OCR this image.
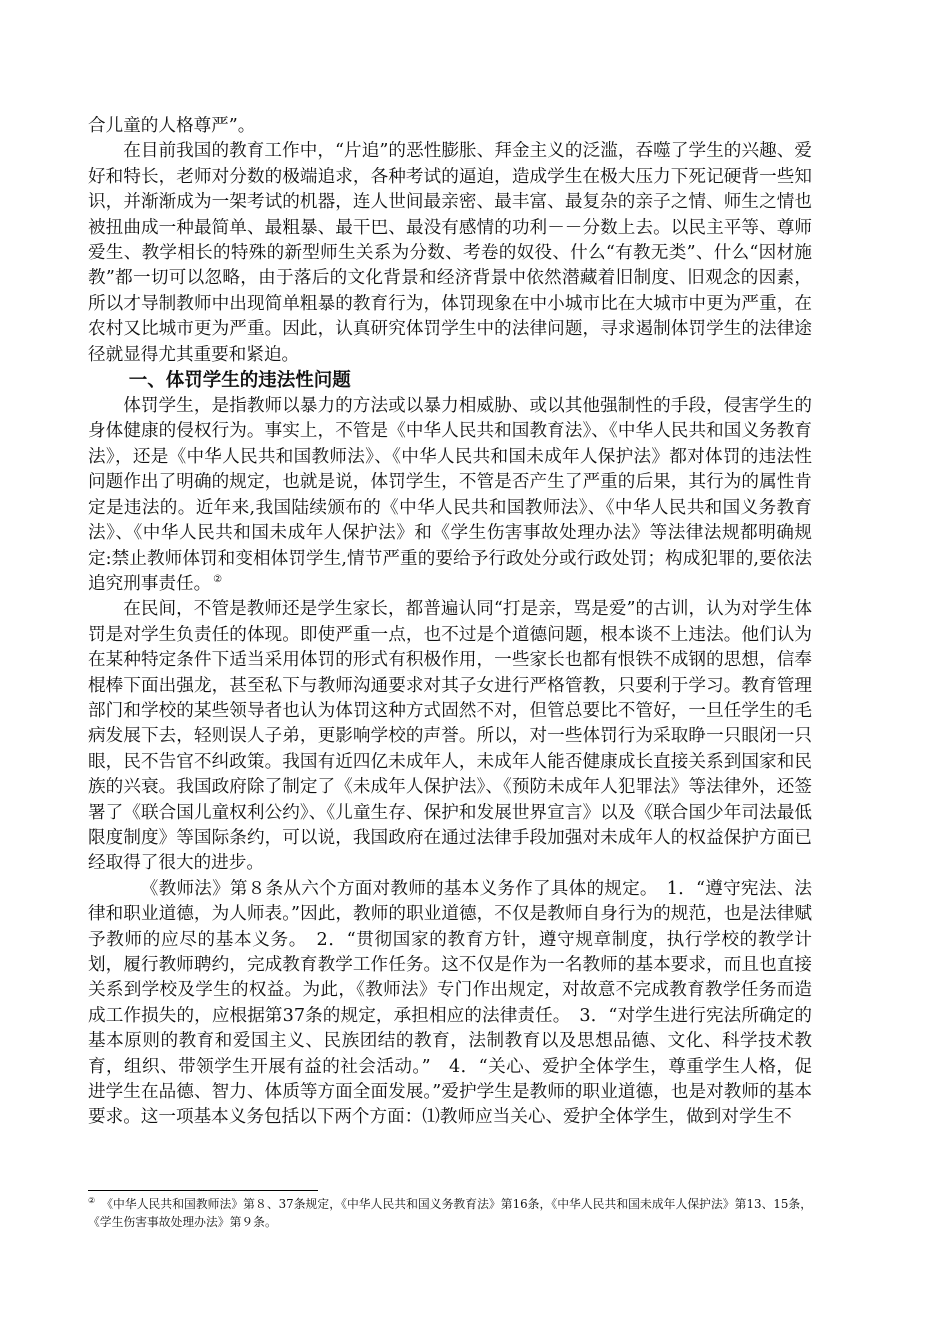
合儿童的人格尊严”。

在目前我国的教育工作中，“片追”的恶性膨胀、拜金主义的泛滥，吞噬了学生的兴趣、爱好和特长，老师对分数的极端追求，各种考试的逼迫，造成学生在极大压力下死记硬背一些知识，并渐渐成为一架考试的机器，连人世间最亲密、最丰富、最复杂的亲子之情、师生之情也被扭曲成一种最简单、最粗暴、最干巴、最没有感情的功利－－分数上去。以民主平等、尊师爱生、教学相长的特殊的新型师生关系为分数、考卷的奴役、什么“有教无类”、什么“因材施教”都一切可以忽略，由于落后的文化背景和经济背景中依然潜藏着旧制度、旧观念的因素，所以才导制教师中出现简单粗暴的教育行为，体罚现象在中小城市比在大城市中更为严重，在农村又比城市更为严重。因此，认真研究体罚学生中的法律问题，寻求遏制体罚学生的法律途径就显得尤其重要和紧迫。

一、体罚学生的违法性问题

体罚学生，是指教师以暴力的方法或以暴力相威胁、或以其他强制性的手段，侵害学生的身体健康的侵权行为。事实上，不管是《中华人民共和国教育法》、《中华人民共和国义务教育法》，还是《中华人民共和国教师法》、《中华人民共和国未成年人保护法》都对体罚的违法性问题作出了明确的规定，也就是说，体罚学生，不管是否产生了严重的后果，其行为的属性肯定是违法的。近年来,我国陆续颁布的《中华人民共和国教师法》、《中华人民共和国义务教育法》、《中华人民共和国未成年人保护法》和《学生伤害事故处理办法》等法律法规都明确规定:禁止教师体罚和变相体罚学生,情节严重的要给予行政处分或行政处罚；构成犯罪的,要依法追究刑事责任。 ②

在民间，不管是教师还是学生家长，都普遍认同“打是亲，骂是爱”的古训，认为对学生体罚是对学生负责任的体现。即使严重一点，也不过是个道德问题，根本谈不上违法。他们认为在某种特定条件下适当采用体罚的形式有积极作用，一些家长也都有恨铁不成钢的思想，信奉棍棒下面出强龙，甚至私下与教师沟通要求对其子女进行严格管教，只要利于学习。教育管理部门和学校的某些领导者也认为体罚这种方式固然不对，但管总要比不管好，一旦任学生的毛病发展下去，轻则误人子弟，更影响学校的声誉。所以，对一些体罚行为采取睁一只眼闭一只眼，民不告官不纠政策。我国有近四亿未成年人，未成年人能否健康成长直接关系到国家和民族的兴衰。我国政府除了制定了《未成年人保护法》、《预防未成年人犯罪法》等法律外，还签署了《联合国儿童权利公约》、《儿童生存、保护和发展世界宣言》以及《联合国少年司法最低限度制度》等国际条约，可以说，我国政府在通过法律手段加强对未成年人的权益保护方面已经取得了很大的进步。

《教师法》第８条从六个方面对教师的基本义务作了具体的规定。　1．“遵守宪法、法律和职业道德，为人师表。”因此，教师的职业道德，不仅是教师自身行为的规范，也是法律赋予教师的应尽的基本义务。　2．“贯彻国家的教育方针，遵守规章制度，执行学校的教学计划，履行教师聘约，完成教育教学工作任务。这不仅是作为一名教师的基本要求，而且也直接关系到学校及学生的权益。为此，《教师法》专门作出规定，对故意不完成教育教学任务而造成工作损失的，应根据第37条的规定，承担相应的法律责任。　3．“对学生进行宪法所确定的基本原则的教育和爱国主义、民族团结的教育，法制教育以及思想品德、文化、科学技术教育，组织、带领学生开展有益的社会活动。”　4．“关心、爱护全体学生，尊重学生人格，促进学生在品德、智力、体质等方面全面发展。”爱护学生是教师的职业道德，也是对教师的基本要求。这一项基本义务包括以下两个方面：⑴教师应当关心、爱护全体学生，做到对学生不

② 《中华人民共和国教师法》第８、37条规定，《中华人民共和国义务教育法》第16条，《中华人民共和国未成年人保护法》第13、15条，《学生伤害事故处理办法》第９条。
